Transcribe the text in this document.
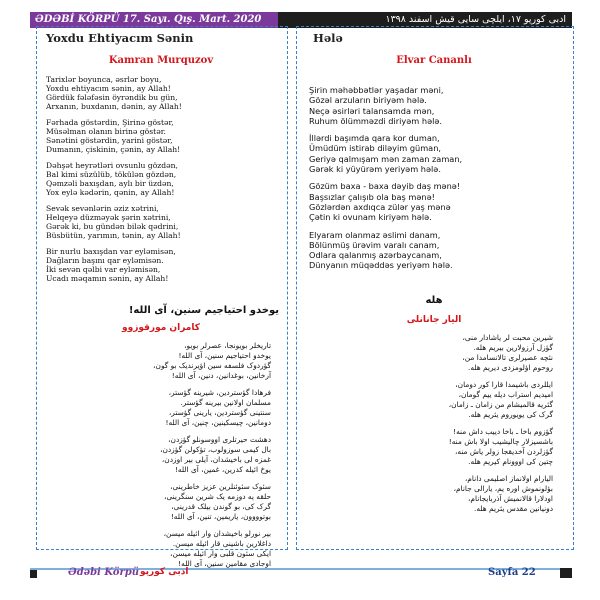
ƏDƏBİ KÖRPÜ 17. Sayı. Qış. Mart. 2020	ادبی کورپو ۱۷، ایلچی سایی قیش اسفند ۱۳۹۸
Yoxdu Ehtiyacım Sənin
Kamran Murquzov
Tarixlər boyunca, əsrlər boyu,
Yoxdu ehtiyacım sənin, ay Allah!
Gördük fələfəsin öyrəndik bu gün,
Arxanın, buxdanın, dənin, ay Allah!
Fərhada göstərdin, Şirinə göstər,
Müsəlman olanın birinə göstər.
Sənətini göstərdin, yarini göstər,
Dumanın, çiskinin, çənin, ay Allah!
Dəhşət heyrətləri ovsunlu gözdən,
Bal kimi süzülüb, tökülən gözdən,
Qəmzəli baxışdan, aylı bir üzdən,
Yox eylə kədərin, qənin, ay Allah!
Sevək sevənlərin əziz xətrini,
Helqeyə düzməyək şərin xətrini,
Gərək ki, bu gündən bilək qədrini,
Büsbütün, yarımın, tənin, ay Allah!
Bir nurlu baxışdan var eyləmisən,
Dağların başını qar eyləmisən.
İki sevən qəlbi var eyləmisən,
Ucadı məqamın sənin, ay Allah!
یوخدو احتیاجیم سنین، آی الله!
کامران مورقوزوو
تاریخلر بویونجا، عصرلر بویو،
یوخدو احتیاجیم سنین، آی الله!
گؤردوک فلسفه سین اؤیرندیک بو گون،
آرخانین، بوغدانین، دنین، آی الله!
فرهادا گؤستردین، شیرینه گؤستر،
مسلمان اولانین بیرینه گؤستر.
سنتینی گؤستردین، یارینی گؤستر،
دومانین، چیسکینین، چنین، آی الله!
دهشت حیرتلری اووسونلو گؤزدن،
بال کیمی سوزولوب، تؤکولن گؤزدن،
غمزه لی باخیشدان، آیلی بیر اوزدن،
یوخ ائیله کدرین، غمین، آی الله!
سئوک سئوئنلرین عزیز خاطرینی،
حلقه یه دوزمه یک شرین سنگرینی،
گرک کی، بو گوندن بیلک قدرینی،
بوتوووون، یاریمین، تنین، آی الله!
بیر نورلو باخیشدان وار ائیله میسن،
داغلارین باشینی قار ائیله میسن.
ایکی سئون قلبی وار ائیله میسن،
اوجادی مقامین سنین، آی الله!
Hələ
Elvar Cananlı
Şirin məhəbbətlər yaşadar məni,
Gözəl arzuların biriyəm hələ.
Neçə əsirləri talansamda mən,
Ruhum ölümməzdi diriyəm hələ.
İllərdi başımda qara kor duman,
Ümüdüm istirab diləyim güman,
Geriyə qalmışam mən zaman zaman,
Gərək ki yüyürəm yeriyəm hələ.
Gözüm baxa - baxa dəyib daş mənə!
Başsızlar çalışıb ola baş mənə!
Gözlərdən axdıqca zülər yaş mənə
Çətin ki ovunam kiriyəm hələ.
Elyaram olanmaz əslimi danam,
Bölünmüş ürəvim varalı canam,
Odlara qalanmış azərbaycanam,
Dünyanın müqəddəs yeriyəm hələ.
هله
الیار جانانلی
شیرین محبت لر یاشادار منی،
گؤزل آرزولارین بیریم هله.
نئچه عصیرلری تالانسامدا من،
روحوم اؤلومزدی دیریم هله.
ایللردی باشیمدا قارا کور دومان،
امیدیم استراب دیله ییم گومان،
گئریه قالمیشام من زامان ـ زامان،
گرک کی یویوروم یئریم هله.
گؤزوم باخا ـ باخا دییب داش منه!
باشسیزلار چالیشیب اولا باش منه!
گؤزلردن آخدیقجا زولر یاش منه،
چتین کی اووونام کیریم هله.
الیارام اولانماز اصلیمی دانام،
بؤلونموش اوره یم، یارالی جانام،
اودلارا قالانمیش آذربایجانام،
دونیانین مقدس یئریم هله.
Ədəbi Körpü ادبی کورپو	Sayfa 22
